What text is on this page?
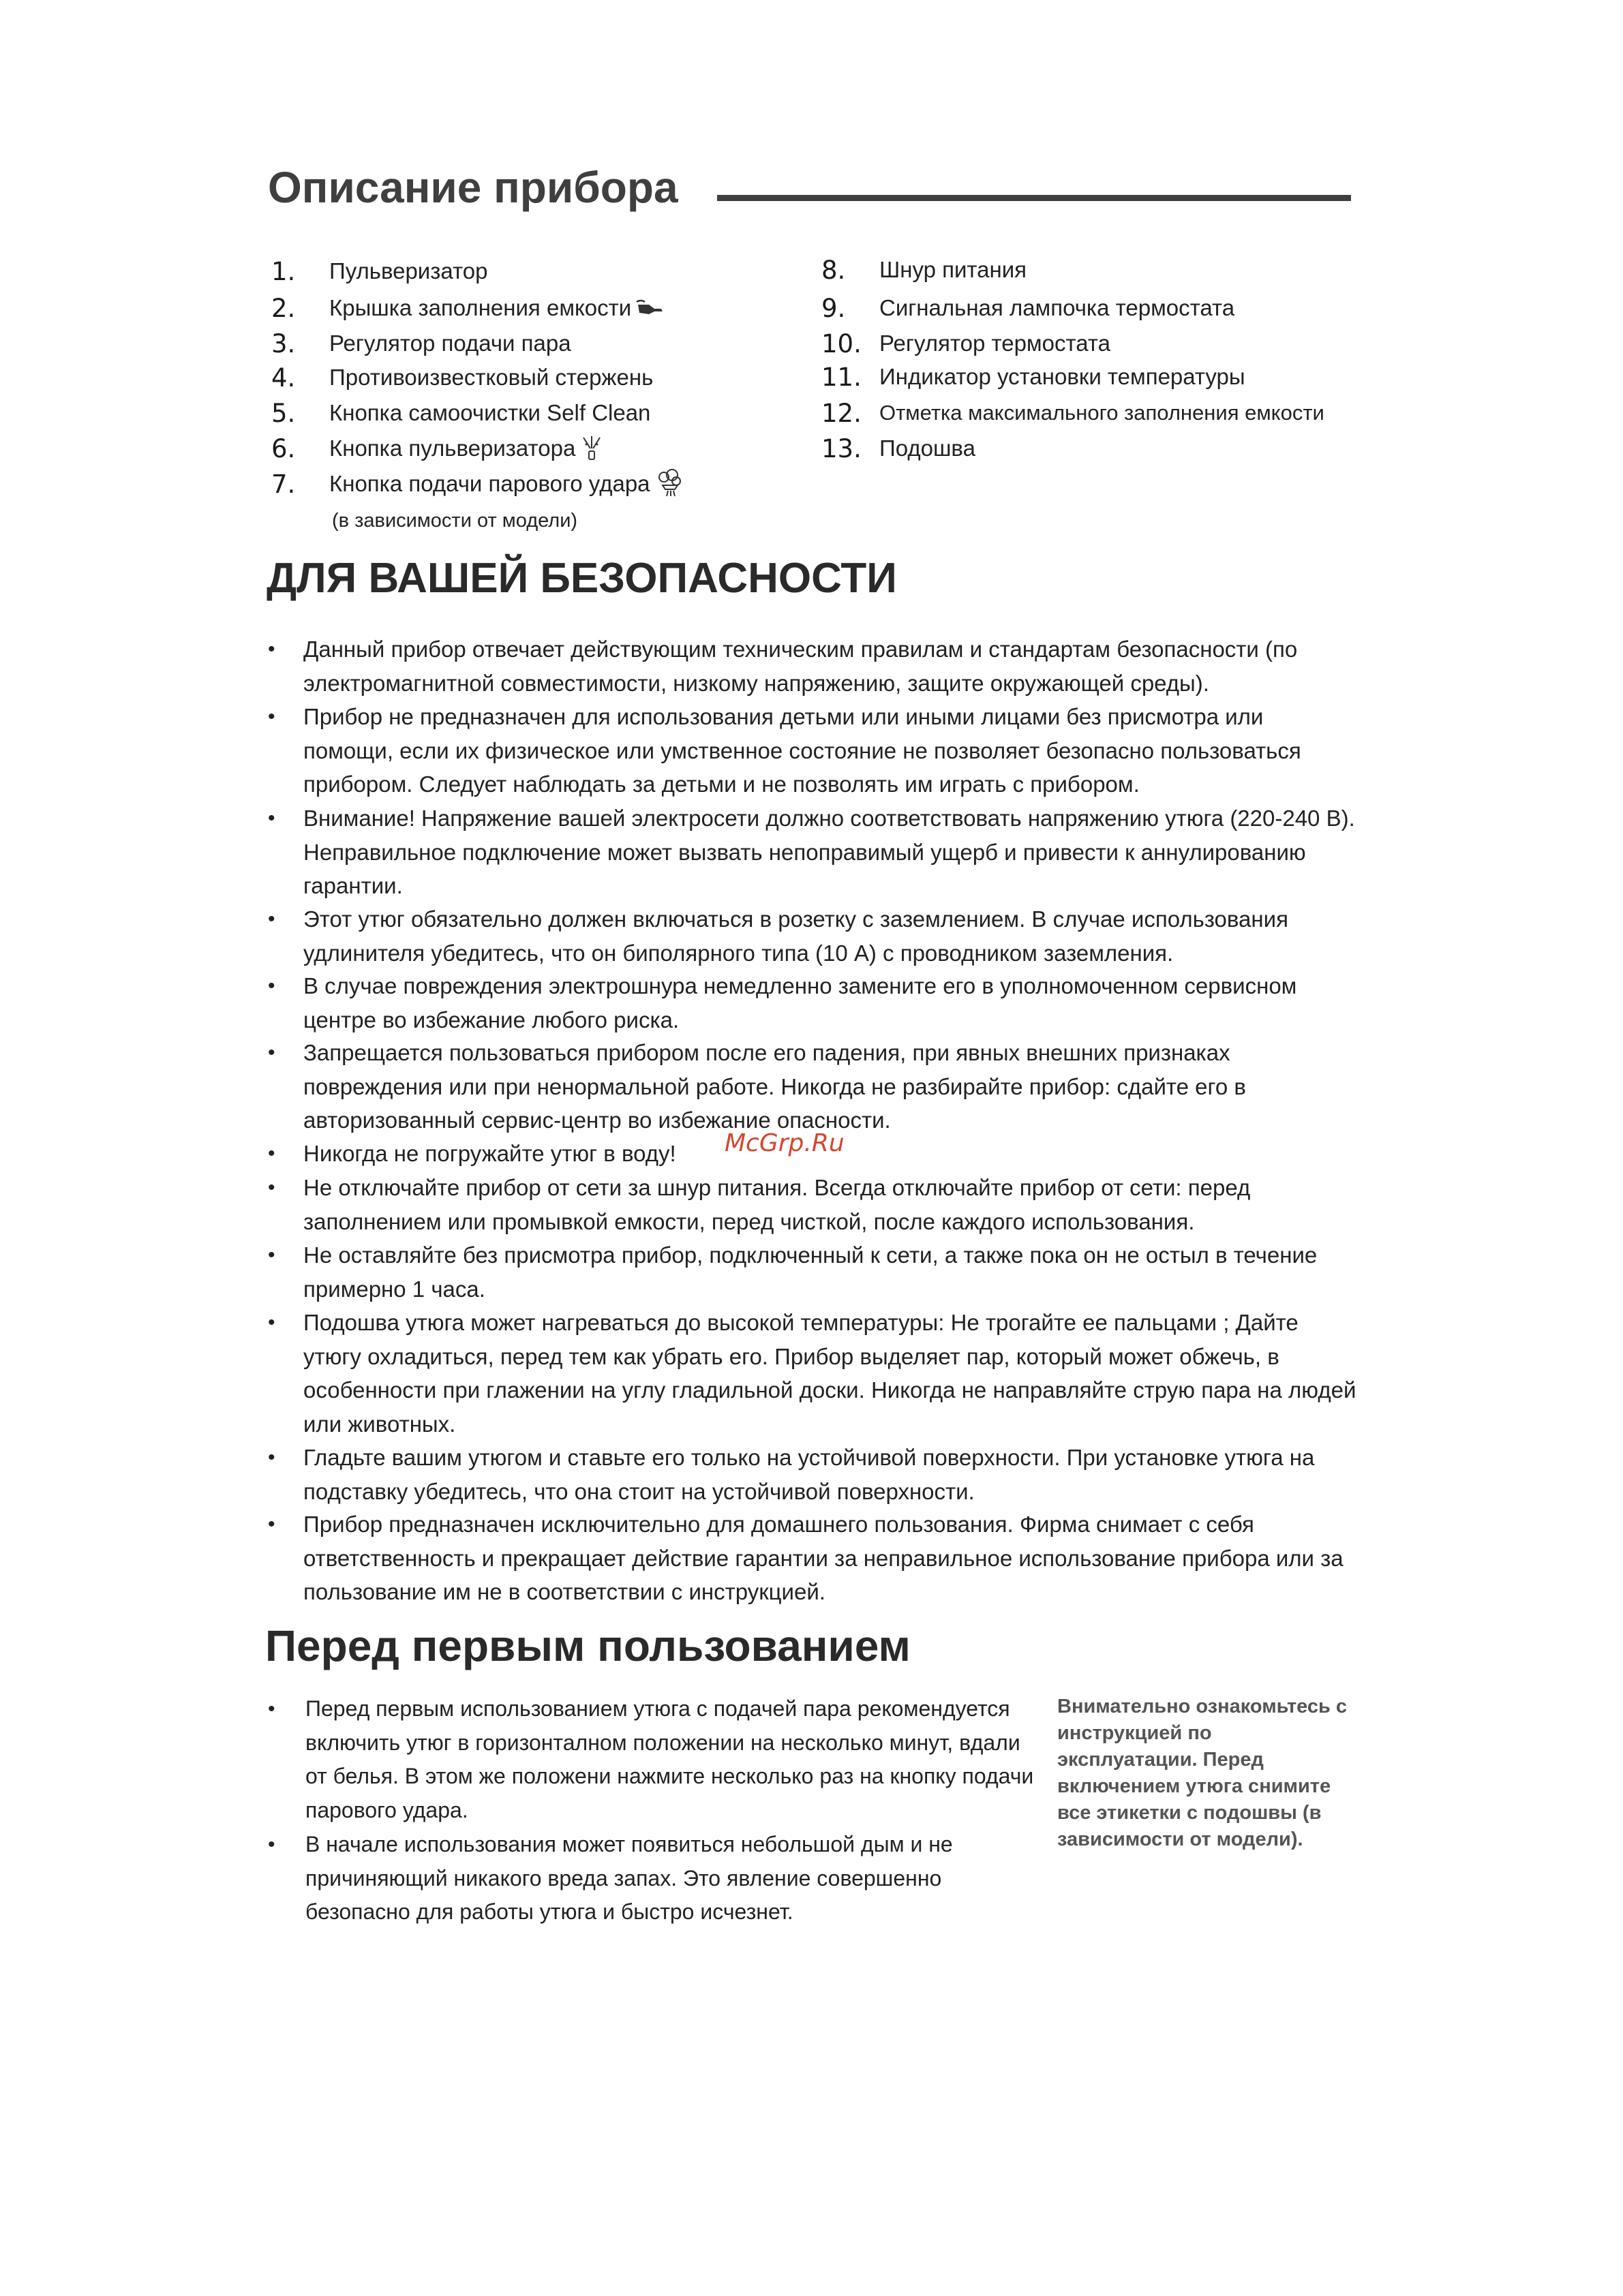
Описание прибора
1.	Пульверизатор
2.	Крышка заполнения емкости
3.	Регулятор подачи пара
4.	Противоизвестковый стержень
5.	Кнопка самоочистки Self Clean
6.	Кнопка пульверизатора
7.	Кнопка подачи парового удара
(в зависимости от модели)
8.	Шнур питания
9.	Сигнальная лампочка термостата
10. Регулятор термостата
11. Индикатор установки температуры
12. Отметка максимального заполнения емкости
13. Подошва
ДЛЯ ВАШЕЙ БЕЗОПАСНОСТИ
• Данный прибор отвечает действующим техническим правилам и стандартам безопасности (по электромагнитной совместимости, низкому напряжению, защите окружающей среды).
• Прибор не предназначен для использования детьми или иными лицами без присмотра или помощи, если их физическое или умственное состояние не позволяет безопасно пользоваться прибором. Следует наблюдать за детьми и не позволять им играть с прибором.
• Внимание! Напряжение вашей электросети должно соответствовать напряжению утюга (220-240 В). Неправильное подключение может вызвать непоправимый ущерб и привести к аннулированию гарантии.
• Этот утюг обязательно должен включаться в розетку с заземлением. В случае использования удлинителя убедитесь, что он биполярного типа (10 A) с проводником заземления.
• В случае повреждения электрошнура немедленно замените его в уполномоченном сервисном центре во избежание любого риска.
• Запрещается пользоваться прибором после его падения, при явных внешних признаках повреждения или при ненормальной работе. Никогда не разбирайте прибор: сдайте его в авторизованный сервис-центр во избежание опасности.
• Никогда не погружайте утюг в воду!
• Не отключайте прибор от сети за шнур питания. Всегда отключайте прибор от сети: перед заполнением или промывкой емкости, перед чисткой, после каждого использования.
• Не оставляйте без присмотра прибор, подключенный к сети, а также пока он не остыл в течение примерно 1 часа.
• Подошва утюга может нагреваться до высокой температуры: Не трогайте ее пальцами ; Дайте утюгу охладиться, перед тем как убрать его. Прибор выделяет пар, который может обжечь, в особенности при глажении на углу гладильной доски. Никогда не направляйте струю пара на людей или животных.
• Гладьте вашим утюгом и ставьте его только на устойчивой поверхности. При установке утюга на подставку убедитесь, что она стоит на устойчивой поверхности.
• Прибор предназначен исключительно для домашнего пользования. Фирма снимает с себя ответственность и прекращает действие гарантии за неправильное использование прибора или за пользование им не в соответствии с инструкцией.
McGrp.Ru
Перед первым пользованием
• Перед первым использованием утюга с подачей пара рекомендуется включить утюг в горизонталном положении на несколько минут, вдали от белья. В этом же положени нажмите несколько раз на кнопку подачи парового удара.
• В начале использования может появиться небольшой дым и не причиняющий никакого вреда запах. Это явление совершенно безопасно для работы утюга и быстро исчезнет.
Внимательно ознакомьтесь с инструкцией по эксплуатации. Перед включением утюга снимите все этикетки с подошвы (в зависимости от модели).
